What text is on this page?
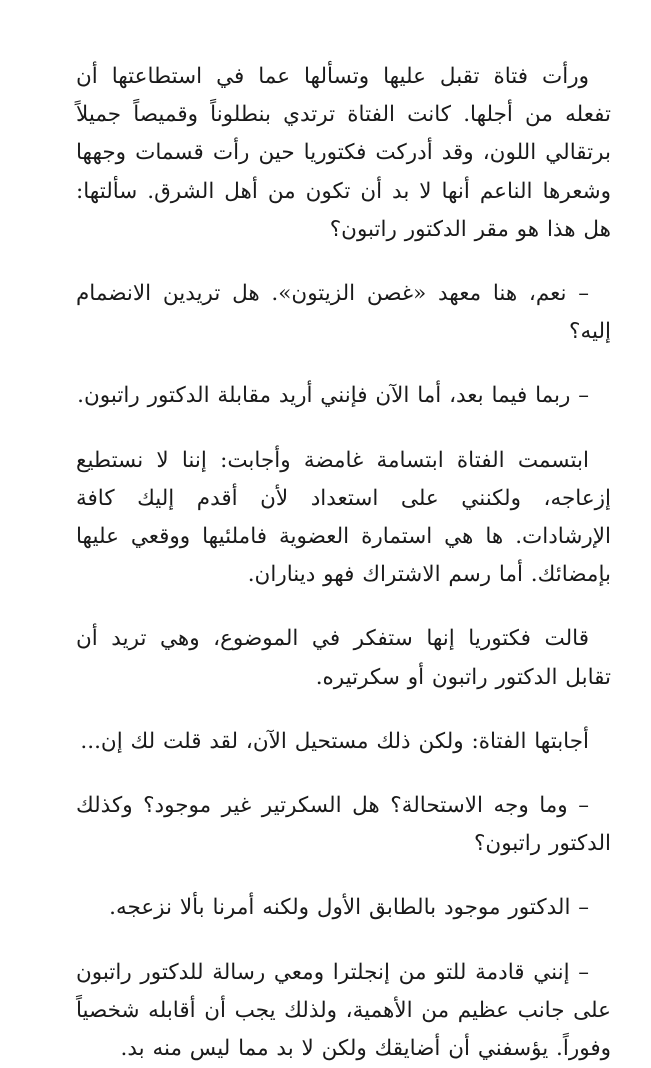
ورأت فتاة تقبل عليها وتسألها عما في استطاعتها أن تفعله من أجلها. كانت الفتاة ترتدي بنطلوناً وقميصاً جميلاً برتقالي اللون، وقد أدركت فكتوريا حين رأت قسمات وجهها وشعرها الناعم أنها لا بد أن تكون من أهل الشرق. سألتها: هل هذا هو مقر الدكتور راتبون؟

– نعم، هنا معهد «غصن الزيتون». هل تريدين الانضمام إليه؟

– ربما فيما بعد، أما الآن فإنني أريد مقابلة الدكتور راتبون.

ابتسمت الفتاة ابتسامة غامضة وأجابت: إننا لا نستطيع إزعاجه، ولكنني على استعداد لأن أقدم إليك كافة الإرشادات. ها هي استمارة العضوية فاملئيها ووقعي عليها بإمضائك. أما رسم الاشتراك فهو ديناران.

قالت فكتوريا إنها ستفكر في الموضوع، وهي تريد أن تقابل الدكتور راتبون أو سكرتيره.

أجابتها الفتاة: ولكن ذلك مستحيل الآن، لقد قلت لك إن...

– وما وجه الاستحالة؟ هل السكرتير غير موجود؟ وكذلك الدكتور راتبون؟

– الدكتور موجود بالطابق الأول ولكنه أمرنا بألا نزعجه.

– إنني قادمة للتو من إنجلترا ومعي رسالة للدكتور راتبون على جانب عظيم من الأهمية، ولذلك يجب أن أقابله شخصياً وفوراً. يؤسفني أن أضايقك ولكن لا بد مما ليس منه بد.
